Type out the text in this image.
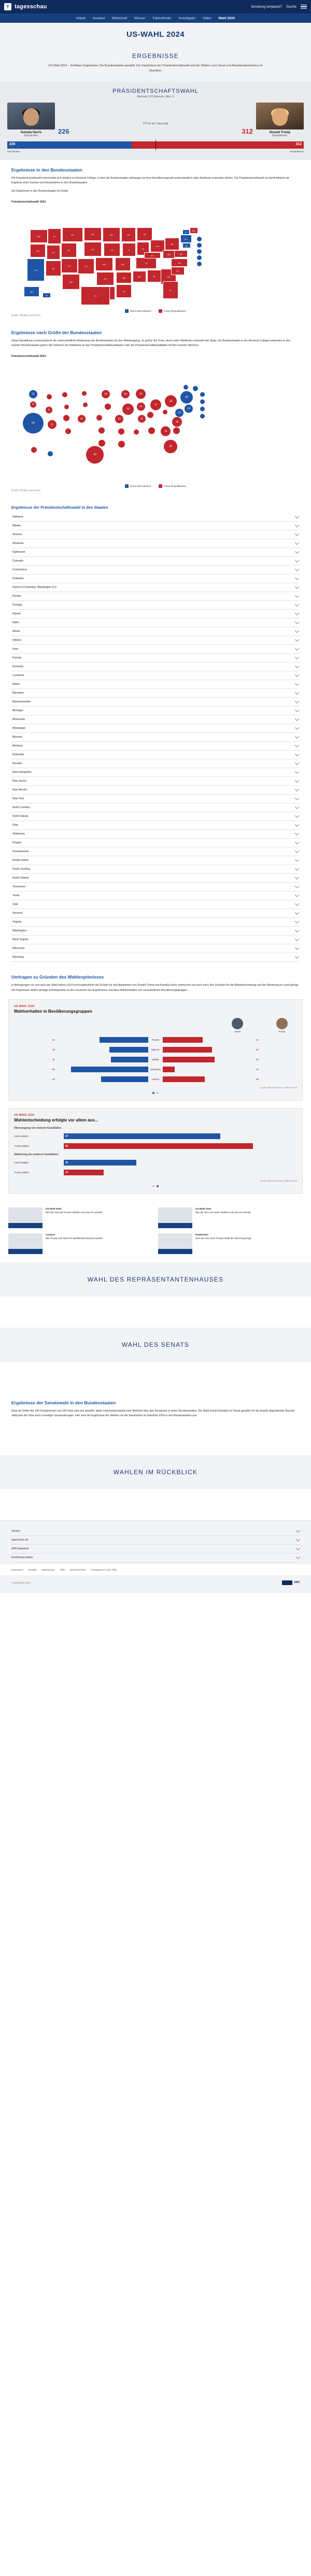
T tagesschau	Sendung verpasst? Suche
Inland Ausland Wirtschaft Wissen Faktenfinder Investigativ Video Wahl 2024
US-WAHL 2024
ERGEBNISSE

US-Wahl 2024 – Sichtbare Ergebnisse: Die Bundesstaaten gewählt. Der Ergebnisse der Präsidentschaftswahl und der Wahlen zum Senat und Repräsentantenhaus im Überblick.

PRÄSIDENTSCHAFTSWAHL
Mehrheit: 270 Stimmen, offen: 0
Kamala Harris
Demokraten
270 für den Sieg nötig
226	312	Donald Trump
Republikaner
226	312
Demokraten	Republikaner
Ergebnisse in den Bundesstaaten

Die Präsidentschaftswahl entscheidet sich letztlich im Electoral College, in dem die Bundesstaaten abhängig von ihrer Bevölkerungszahl unterschiedlich viele Wahlleute entsenden dürfen. Die Präsidentschaftswahl ist damit faktisch als Ergebnis einer Summe von Einzelwahlen in den Bundesstaaten.

Die Ergebnisse in den Bundesstaaten im Detail:

Präsidentschaftswahl 2024
WA
OR
CA
ID
NV
AZ
MT
WY
UT	CO
NM
ND
SD
NE
KS
TX
MN
IA
MO
AR
LA
WI
IL	IN
MS
MI
OH
TN
KY
AL	GA
FL
PA
WV	VA
NC
SC
NY
NJ
VT
ME
AK
HI
Harris (Demokraten)	Trump (Republikaner)
Quelle: AP/Edison via Reuters
Ergebnisse nach Größe der Bundesstaaten

Diese Darstellung veranschaulicht die unterschiedliche Bedeutung der Bundesstaaten für den Wahlausgang. Je größer der Kreis, desto mehr Wahlleute entsendet der Staat. Die Bundesstaaten in der Electoral-College entsenden in den meisten Bundesstaaten gehen alle Stimmen der Wahlleute an den Präsidentschaftskandidaten oder die Präsidentschaftskandidatin mit den meisten Stimmen.

Präsidentschaftswahl 2024
12
8
54
6
11
10
40
10
10
10
19
11
15
17
11
16
30
19
13
16
28
14
Harris (Demokraten)	Trump (Republikaner)
Quelle: AP/Edison via Reuters
Ergebnisse der Präsidentschaftswahl in den Staaten
Alabama
Alaska
Arizona
Arkansas
Kalifornien
Colorado
Connecticut
Delaware
District of Columbia, Washington D.C.
Florida
Georgia
Hawaii
Idaho
Illinois
Indiana
Iowa
Kansas
Kentucky
Louisiana
Maine
Maryland
Massachusetts
Michigan
Minnesota
Mississippi
Missouri
Montana
Nebraska
Nevada
New Hampshire
New Jersey
New Mexico
New York
North Carolina
North Dakota
Ohio
Oklahoma
Oregon
Pennsylvania
Rhode Island
South Carolina
South Dakota
Tennessee
Texas
Utah
Vermont
Virginia
Washington
West Virginia
Wisconsin
Wyoming
Umfragen zu Gründen des Wahlergebnisses

In Befragungen vor und nach der Wahl haben US-Forschungsinstitute die Gründe für das Abstimmen von Donald Trump und Kamala Harris untersucht und auch nach den Gründen für die Wahlentscheidung und die Stimmung im Land gefragt. Die Ergebnisse helfen wichtige Anhaltspunkte zu den Ursachen des Ergebnisses und dazu Wahlverhalten von verschiedenen Bevölkerungsgruppen.

US-WAHL 2024
Wahlverhalten in Bevölkerungsgruppen
Harris	Trump
54	Frauen	44
43	Männer	54
41	Weiße	57
85	Schwarze	13
52	Latinos	46
Quelle: Edison Research / NBC Exit Poll
US-WAHL 2024
Wahlentscheidung erfolgte vor allem aus...
Überzeugung von meinem Kandidaten
Harris-Wähler	67
Trump-Wähler	81
Ablehnung des anderen Kandidaten
Harris-Wähler	31
Trump-Wähler	17
Quelle: Edison Research / NBC Exit Poll
US-Wahl 2024
Wie die USA auf Trumps Wahlen und was ihn antreibt
US-Wahl 2024
Wie die USA auf Harris' Wahlen und was sie antreibt
Analyse
Wie Trump und Harris ihr Wahlkampf bewertet wurden
Reaktionen
Was die USA nach Trumps Wahl die Stimmung prägt
WAHL DES REPRÄSENTANTENHAUSES
WAHL DES SENATS
Ergebnisse der Senatswahl in den Bundesstaaten

Etwa ein Drittel der 100 Senatorinnen und 100 Sitze wird neu gewählt, dabei entscheidet jeweils eine Mehrheit über den Senatssitz in seiner Bundesstaaten. Die Wahl kommt behalten im Senat gewählt; für die jeweils abgestimmte Sitzzahl zählt jede der Sitze auch vorzeitige Senatssitzungen. Hier wird der Ergebnisse der Wahlen um die Senatssitze im Überblick 2024 in den Bundesstaaten aus.

WAHLEN IM RÜCKBLICK
Service
tagesschau.de
ARD-Angebote
Rundfunkanstalten
Impressum Kontakt Datenschutz Hilfe Barrierefreiheit Transparenz in den ARD
© tagesschau 2024	ARD
